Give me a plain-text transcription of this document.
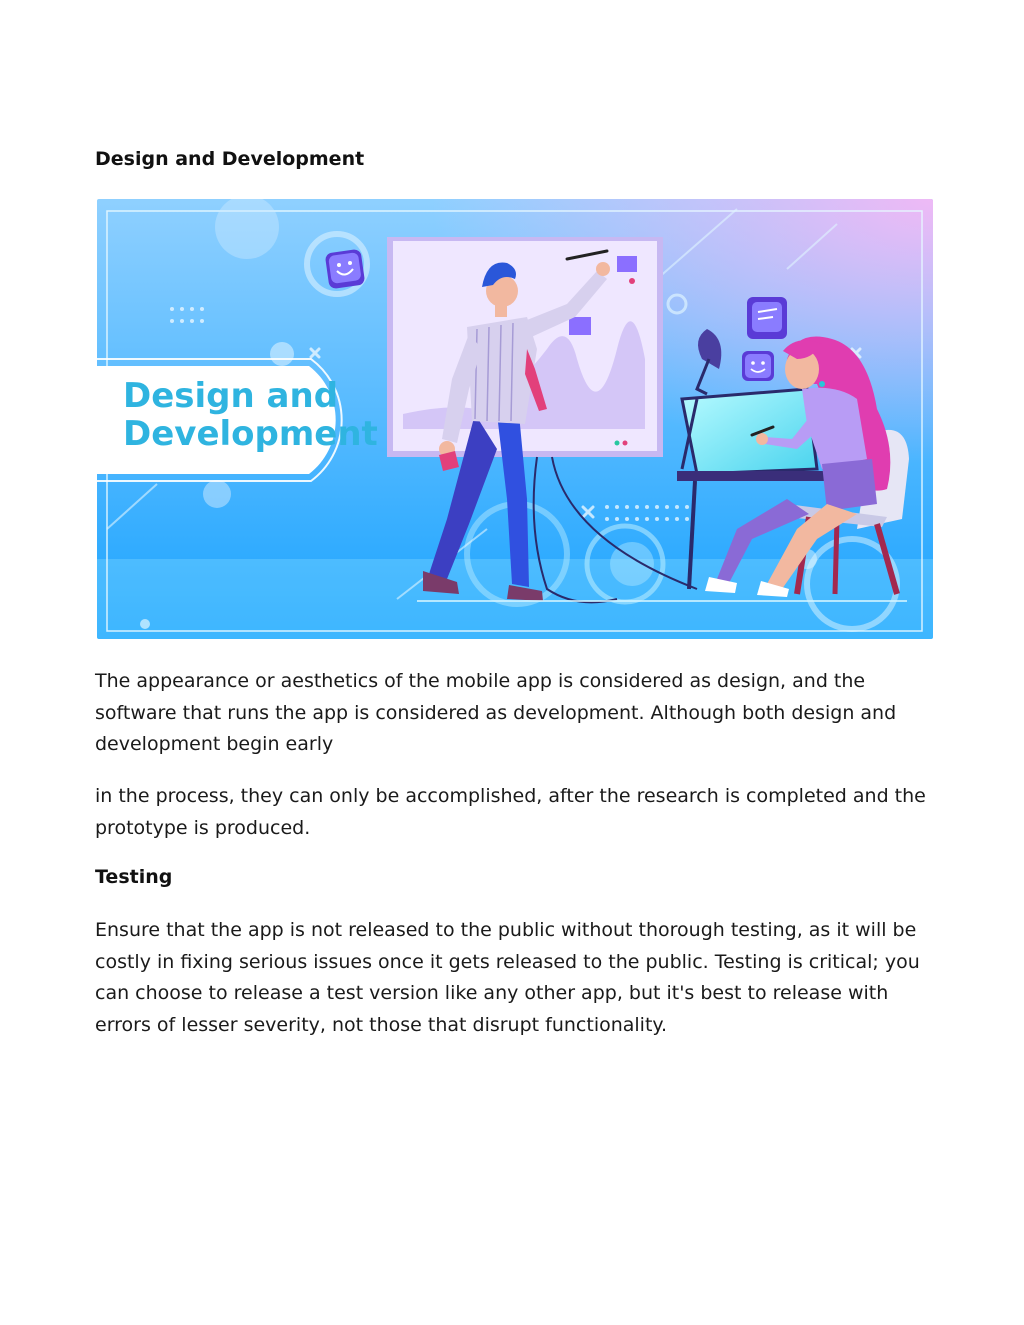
Design and Development
Design and
Development

The appearance or aesthetics of the mobile app is considered as design, and the software that runs the app is considered as development. Although both design and development begin early

in the process, they can only be accomplished, after the research is completed and the prototype is produced.

Testing

Ensure that the app is not released to the public without thorough testing, as it will be costly in fixing serious issues once it gets released to the public. Testing is critical; you can choose to release a test version like any other app, but it's best to release with errors of lesser severity, not those that disrupt functionality.
